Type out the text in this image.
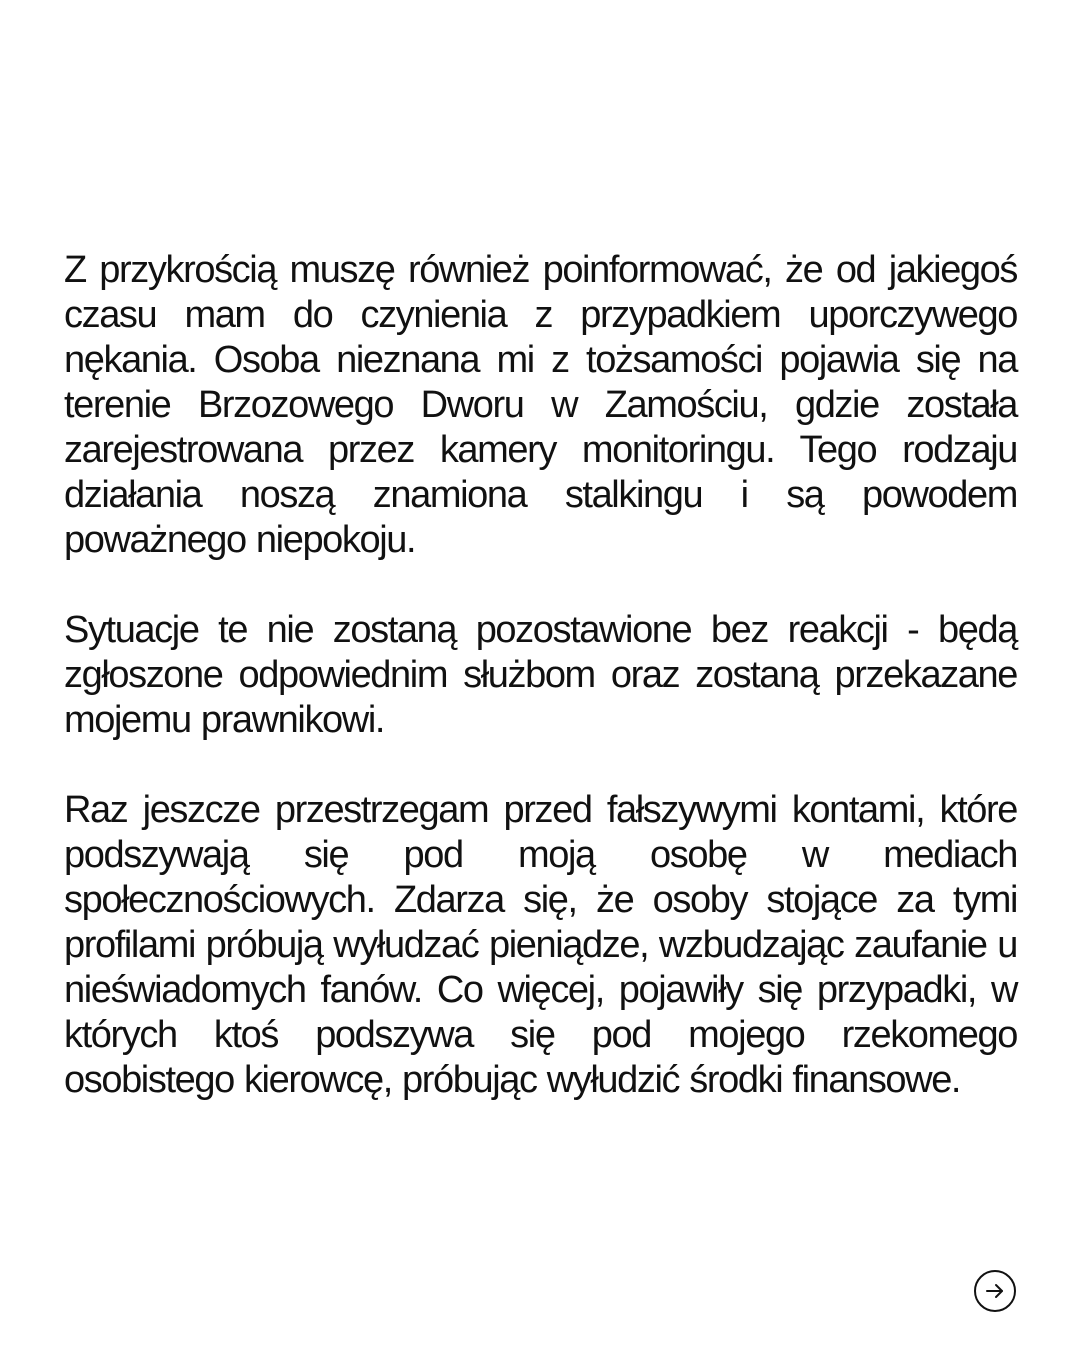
Z przykrością muszę również poinformować, że od jakiegoś czasu mam do czynienia z przypadkiem uporczywego nękania. Osoba nieznana mi z tożsamości pojawia się na terenie Brzozowego Dworu w Zamościu, gdzie została zarejestrowana przez kamery monitoringu. Tego rodzaju działania noszą znamiona stalkingu i są powodem poważnego niepokoju.

Sytuacje te nie zostaną pozostawione bez reakcji - będą zgłoszone odpowiednim służbom oraz zostaną przekazane mojemu prawnikowi.

Raz jeszcze przestrzegam przed fałszywymi kontami, które podszywają się pod moją osobę w mediach społecznościowych. Zdarza się, że osoby stojące za tymi profilami próbują wyłudzać pieniądze, wzbudzając zaufanie u nieświadomych fanów. Co więcej, pojawiły się przypadki, w których ktoś podszywa się pod mojego rzekomego osobistego kierowcę, próbując wyłudzić środki finansowe.
